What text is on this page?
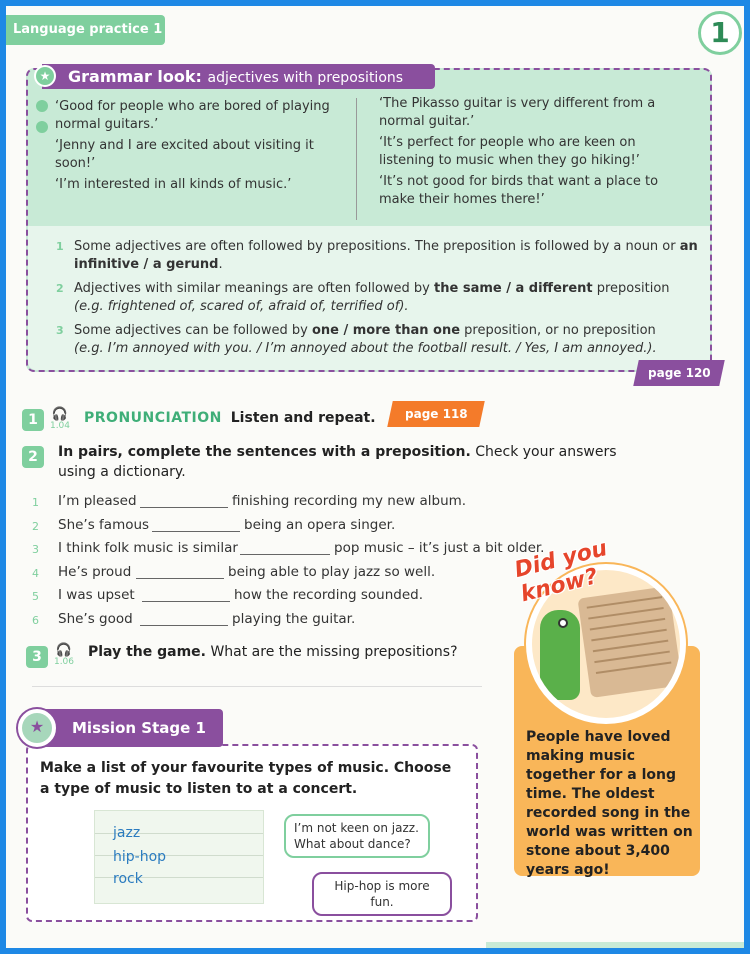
Language practice 1	1
★	Grammar look: adjectives with prepositions

‘Good for people who are bored of playing normal guitars.’

‘Jenny and I are excited about visiting it soon!’

‘I’m interested in all kinds of music.’

‘The Pikasso guitar is very different from a normal guitar.’

‘It’s perfect for people who are keen on listening to music when they go hiking!’

‘It’s not good for birds that want a place to make their homes there!’

1 Some adjectives are often followed by prepositions. The preposition is followed by a noun or an infinitive / a gerund.
2 Adjectives with similar meanings are often followed by the same / a different preposition
(e.g. frightened of, scared of, afraid of, terrified of).
3 Some adjectives can be followed by one / more than one preposition, or no preposition
(e.g. I’m annoyed with you. / I’m annoyed about the football result. / Yes, I am annoyed.).
page 120
1	🎧
1.04 PRONUNCIATION Listen and repeat.	page 118
2	In pairs, complete the sentences with a preposition. Check your answers using a dictionary.
1 I’m pleased	finishing recording my new album.
2 She’s famous	being an opera singer.
3 I think folk music is similar	pop music – it’s just a bit older.
4 He’s proud	being able to play jazz so well.
5 I was upset	how the recording sounded.
6 She’s good	playing the guitar.
3	🎧
1.06
Play the game. What are the missing prepositions?
Did you know?
People have loved making music together for a long time. The oldest recorded song in the world was written on stone about 3,400 years ago!
Make a list of your favourite types of music. Choose a type of music to listen to at a concert.
jazz
hip-hop
rock
I’m not keen on jazz. What about dance?
Hip-hop is more fun.
★	Mission Stage 1
